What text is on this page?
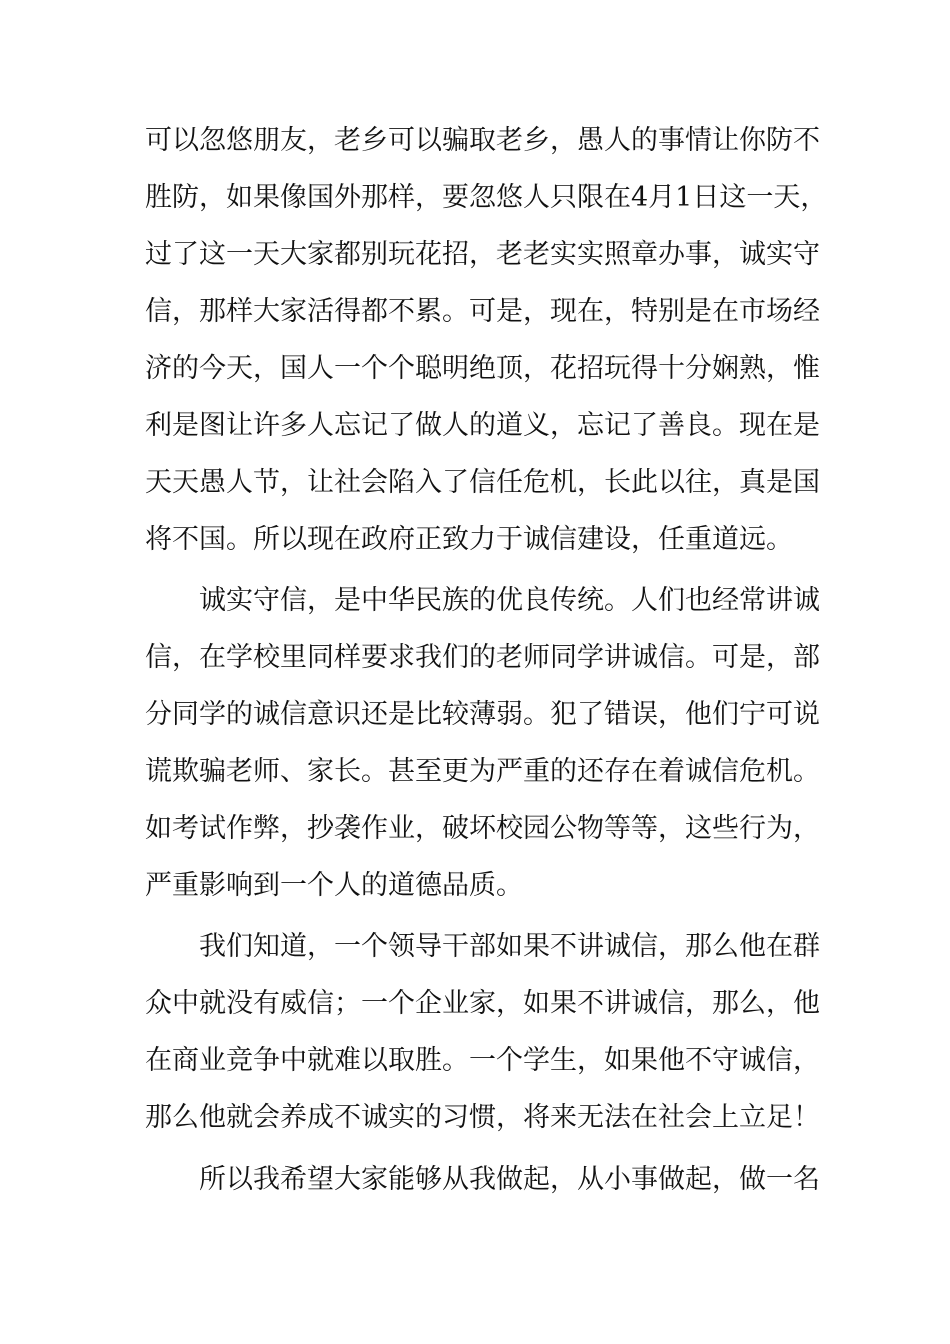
可以忽悠朋友，老乡可以骗取老乡，愚人的事情让你防不
胜防，如果像国外那样，要忽悠人只限在4月1日这一天，
过了这一天大家都别玩花招，老老实实照章办事，诚实守
信，那样大家活得都不累。可是，现在，特别是在市场经
济的今天，国人一个个聪明绝顶，花招玩得十分娴熟，惟
利是图让许多人忘记了做人的道义，忘记了善良。现在是
天天愚人节，让社会陷入了信任危机，长此以往，真是国
将不国。所以现在政府正致力于诚信建设，任重道远。
诚实守信，是中华民族的优良传统。人们也经常讲诚
信，在学校里同样要求我们的老师同学讲诚信。可是，部
分同学的诚信意识还是比较薄弱。犯了错误，他们宁可说
谎欺骗老师、家长。甚至更为严重的还存在着诚信危机。
如考试作弊，抄袭作业，破坏校园公物等等，这些行为，
严重影响到一个人的道德品质。
我们知道，一个领导干部如果不讲诚信，那么他在群
众中就没有威信；一个企业家，如果不讲诚信，那么，他
在商业竞争中就难以取胜。一个学生，如果他不守诚信，
那么他就会养成不诚实的习惯，将来无法在社会上立足！
所以我希望大家能够从我做起，从小事做起，做一名
